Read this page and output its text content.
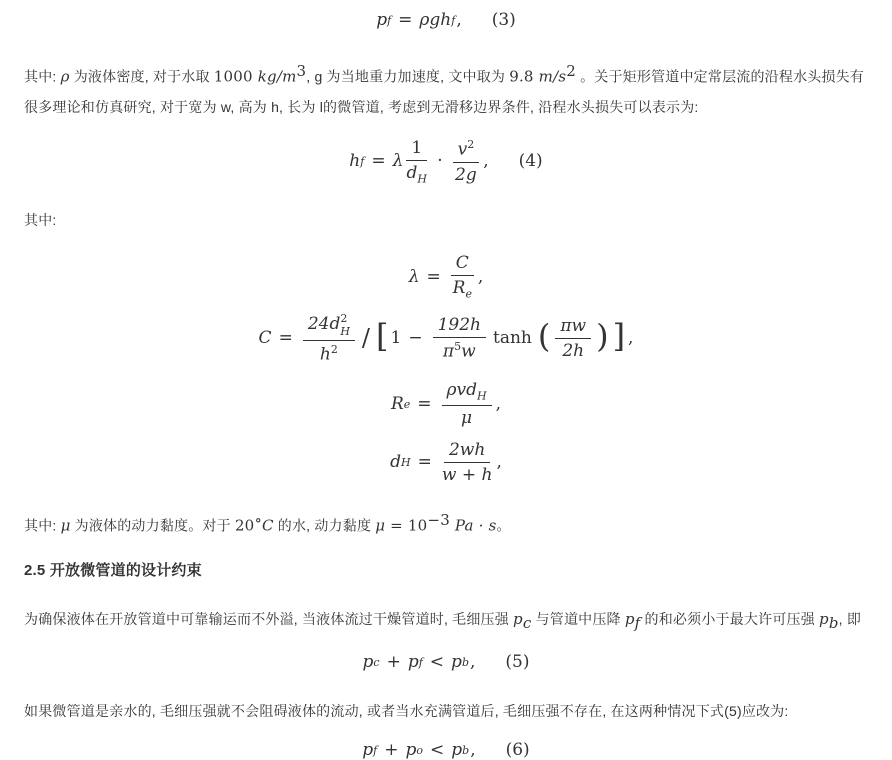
p f = ρgh f , (3)

其中: ρ 为液体密度, 对于水取 1000 $kg/m^3$, g 为当地重力加速度, 文中取为 9.8 $m/s^2$ 。关于矩形管道中定常层流的沿程水头损失有很多理论和仿真研究, 对于宽为 w, 高为 h, 长为 l的微管道, 考虑到无滑移边界条件, 沿程水头损失可以表示为:

h f = λ $\frac{1}{d_H} \cdot \frac{v^2}{2g}$ , (4)

其中:

$\lambda = \frac{C}{R_e}$ ,
C = 24d 2
H
h$^2$ / [ $1 - \frac{192h}{\pi^5w}$ tanh ( $\frac{\pi w}{2h}$ ) ] ,
R $e = \frac{\rho vd_H}{\mu}$ ,
d $H = \frac{2wh}{w + h}$ ,

其中: μ 为液体的动力黏度。对于 20∘C 的水, 动力黏度 $\mu = 10^{-3}$ Pa · s。

2.5 开放微管道的设计约束

为确保液体在开放管道中可靠输运而不外溢, 当液体流过干燥管道时, 毛细压强 $p_c$ 与管道中压降 $p_f$ 的和必须小于最大许可压强 $p_b$, 即

p c + p f < p b , (5)

如果微管道是亲水的, 毛细压强就不会阻碍液体的流动, 或者当水充满管道后, 毛细压强不存在, 在这两种情况下式(5)应改为:

p f + p o < p b , (6)
